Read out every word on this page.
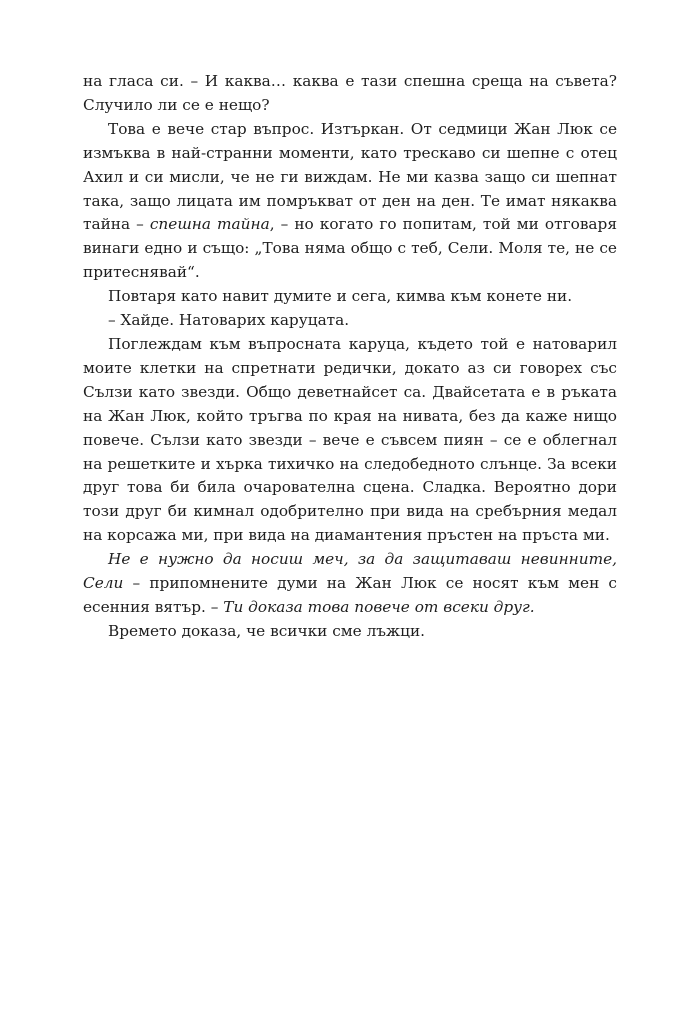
на гласа си. – И каква… каква е тази спешна среща на съвета? Случило ли се е нещо?

Това е вече стар въпрос. Изтъркан. От седмици Жан Люк се измъква в най-странни моменти, като трескаво си шепне с отец Ахил и си мисли, че не ги виждам. Не ми казва защо си шепнат така, защо лицата им помръкват от ден на ден. Те имат някаква тайна – спешна тайна, – но когато го попитам, той ми отговаря винаги едно и също: „Това няма общо с теб, Сели. Моля те, не се притеснявай“.

Повтаря като навит думите и сега, кимва към конете ни.

– Хайде. Натоварих каруцата.

Поглеждам към въпросната каруца, където той е натоварил моите клетки на спретнати редички, докато аз си говорех със Сълзи като звезди. Общо деветнайсет са. Двайсетата е в ръката на Жан Люк, който тръгва по края на нивата, без да каже нищо повече. Сълзи като звезди – вече е съвсем пиян – се е облегнал на решетките и хърка тихичко на следобедното слънце. За всеки друг това би била очарователна сцена. Сладка. Вероятно дори този друг би кимнал одобрително при вида на сребърния медал на корсажа ми, при вида на диамантения пръстен на пръста ми.

Не е нужно да носиш меч, за да защитаваш невинните, Сели – припомнените думи на Жан Люк се носят към мен с есенния вятър. – Ти доказа това повече от всеки друг.

Времето доказа, че всички сме лъжци.
